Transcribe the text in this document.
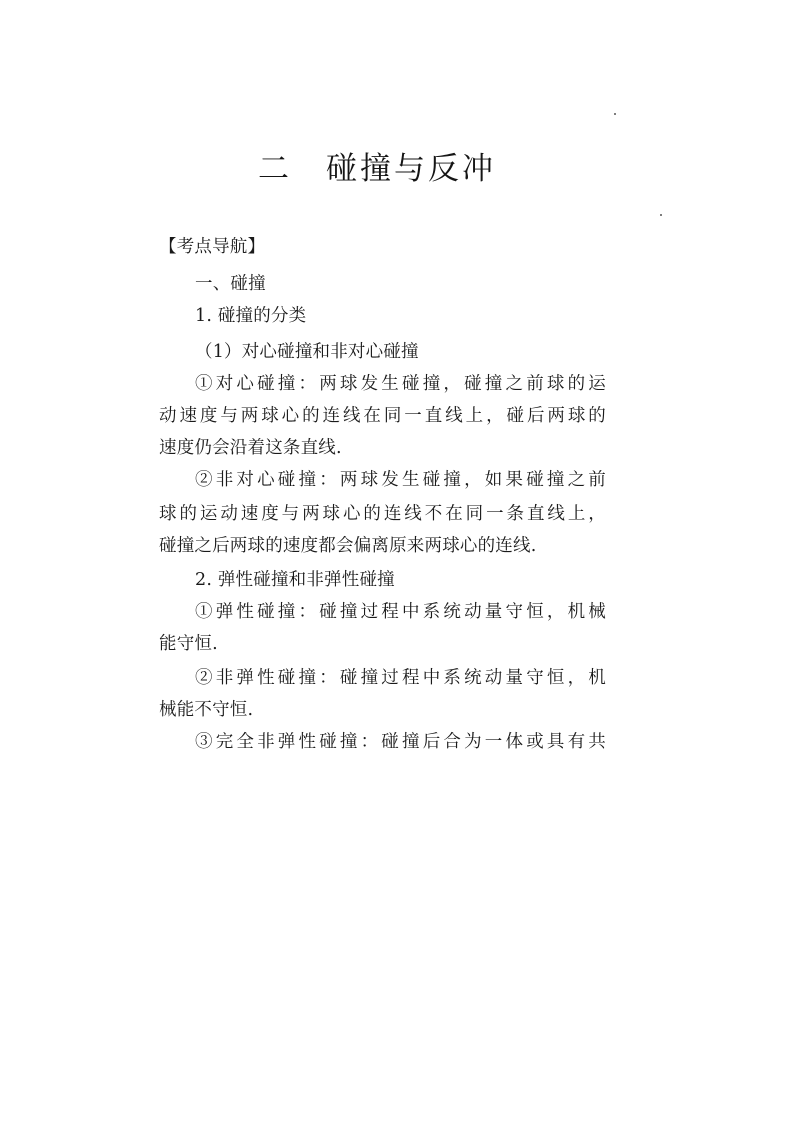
二　碰撞与反冲
【考点导航】
一、碰撞
1. 碰撞的分类
（1）对心碰撞和非对心碰撞
①对心碰撞：两球发生碰撞，碰撞之前球的运
动速度与两球心的连线在同一直线上，碰后两球的
速度仍会沿着这条直线.
②非对心碰撞：两球发生碰撞，如果碰撞之前
球的运动速度与两球心的连线不在同一条直线上，
碰撞之后两球的速度都会偏离原来两球心的连线.
2. 弹性碰撞和非弹性碰撞
①弹性碰撞：碰撞过程中系统动量守恒，机械
能守恒.
②非弹性碰撞：碰撞过程中系统动量守恒，机
械能不守恒.
③完全非弹性碰撞：碰撞后合为一体或具有共
